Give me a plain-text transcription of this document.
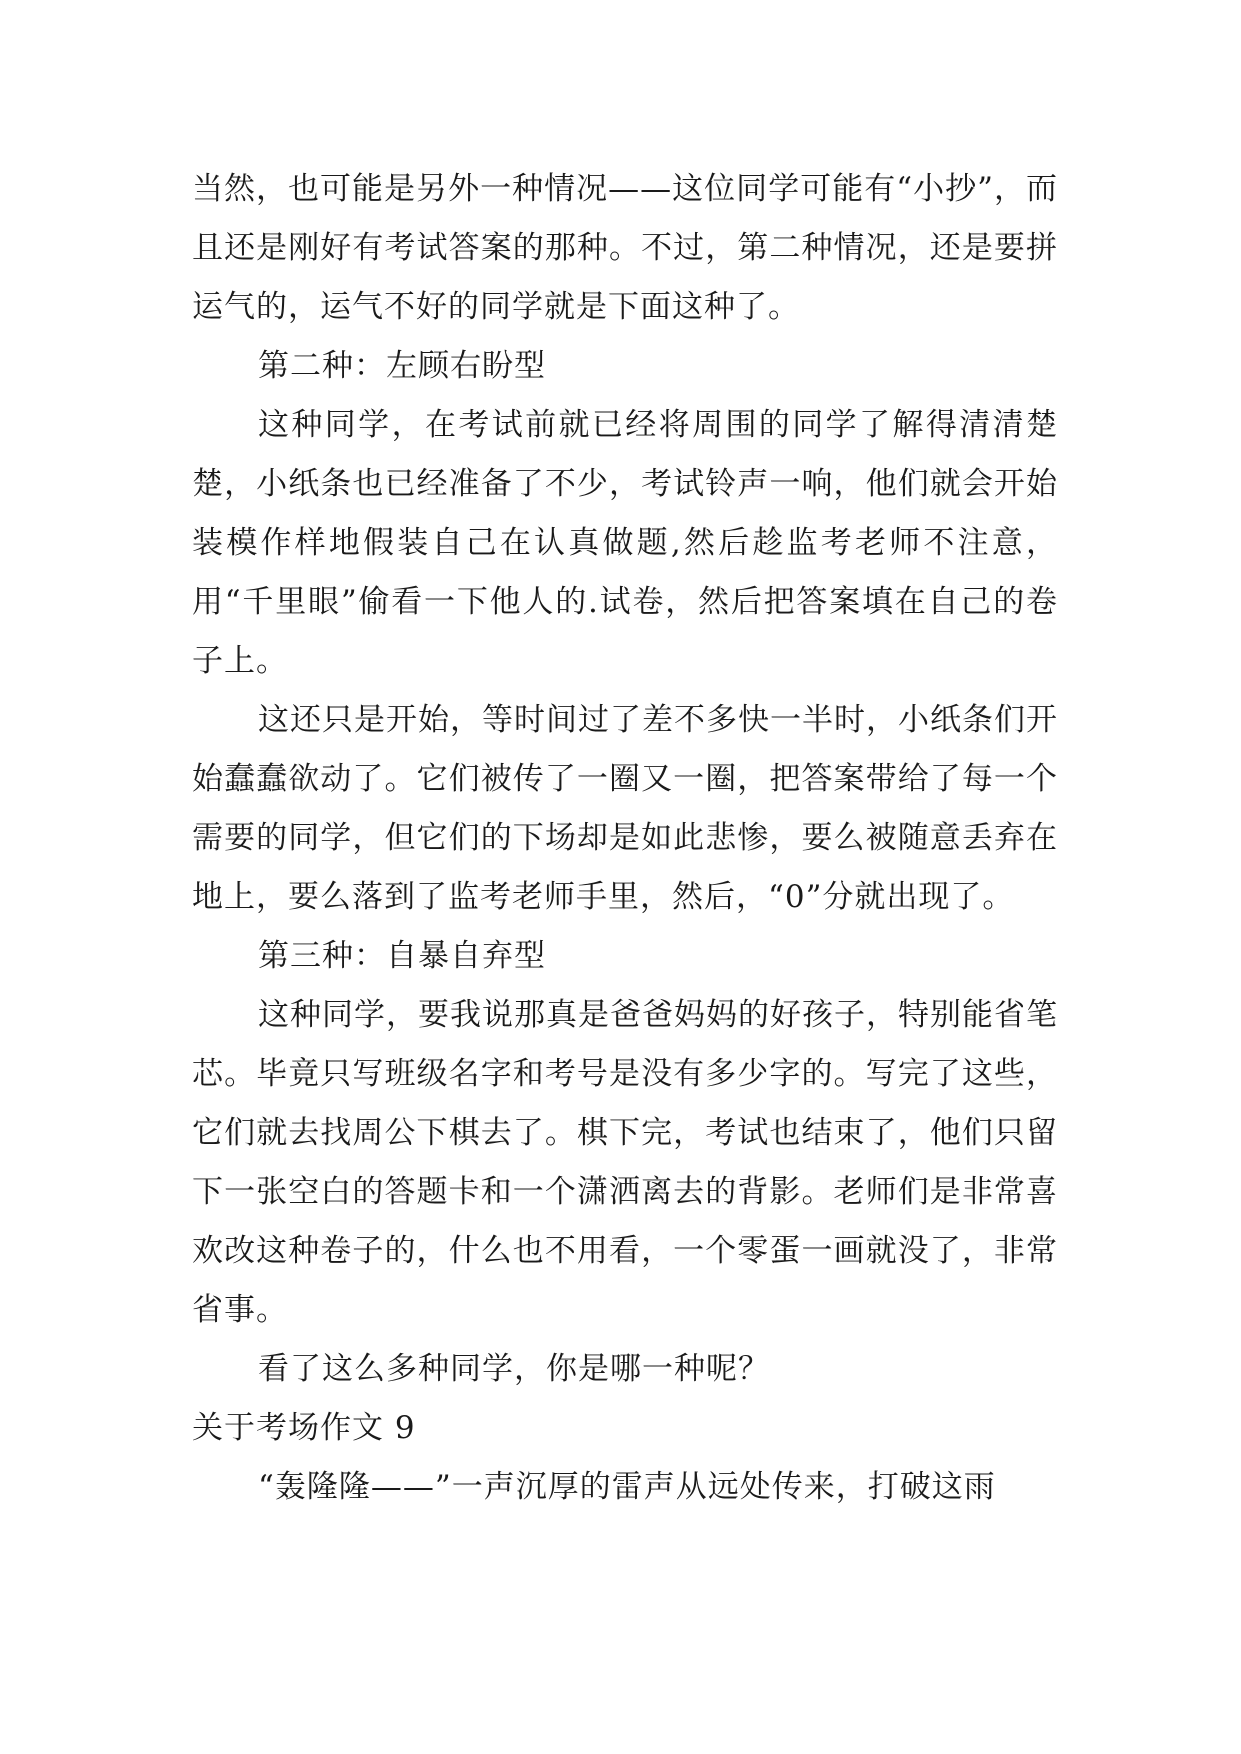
当然，也可能是另外一种情况——这位同学可能有“小抄”，而且还是刚好有考试答案的那种。不过，第二种情况，还是要拼运气的，运气不好的同学就是下面这种了。

第二种：左顾右盼型

这种同学，在考试前就已经将周围的同学了解得清清楚楚，小纸条也已经准备了不少，考试铃声一响，他们就会开始装模作样地假装自己在认真做题,然后趁监考老师不注意，用“千里眼”偷看一下他人的.试卷，然后把答案填在自己的卷子上。

这还只是开始，等时间过了差不多快一半时，小纸条们开始蠢蠢欲动了。它们被传了一圈又一圈，把答案带给了每一个需要的同学，但它们的下场却是如此悲惨，要么被随意丢弃在地上，要么落到了监考老师手里，然后，“0”分就出现了。

第三种：自暴自弃型

这种同学，要我说那真是爸爸妈妈的好孩子，特别能省笔芯。毕竟只写班级名字和考号是没有多少字的。写完了这些，它们就去找周公下棋去了。棋下完，考试也结束了，他们只留下一张空白的答题卡和一个潇洒离去的背影。老师们是非常喜欢改这种卷子的，什么也不用看，一个零蛋一画就没了，非常省事。

看了这么多种同学，你是哪一种呢？

关于考场作文 9

“轰隆隆——”一声沉厚的雷声从远处传来，打破这雨
